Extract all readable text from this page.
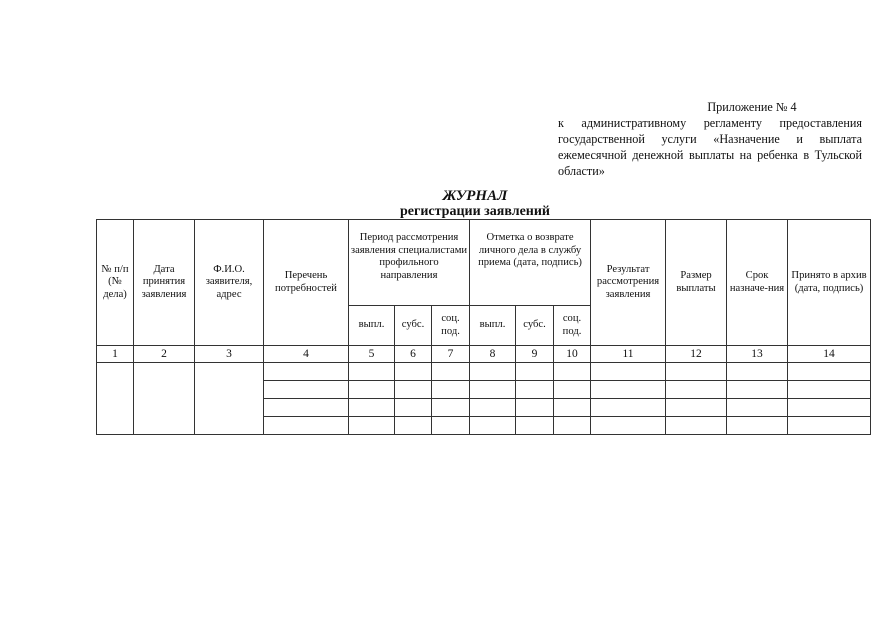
Приложение № 4
к административному регламенту предоставления государственной услуги «Назначение и выплата ежемесячной денежной выплаты на ребенка в Тульской области»
ЖУРНАЛ
регистрации заявлений
№ п/п (№ дела)	Дата принятия заявления	Ф.И.О. заявителя, адрес	Перечень потребностей	Период рассмотрения заявления специалистами профильного направления			Отметка о возврате личного дела в службу приема (дата, подпись)			Результат рассмотрения заявления	Размер выплаты	Срок назначе-ния	Принято в архив (дата, подпись)
				выпл.	субс.	соц. под.	выпл.	субс.	соц. под.				
1	2	3	4	5	6	7	8	9	10	11	12	13	14
